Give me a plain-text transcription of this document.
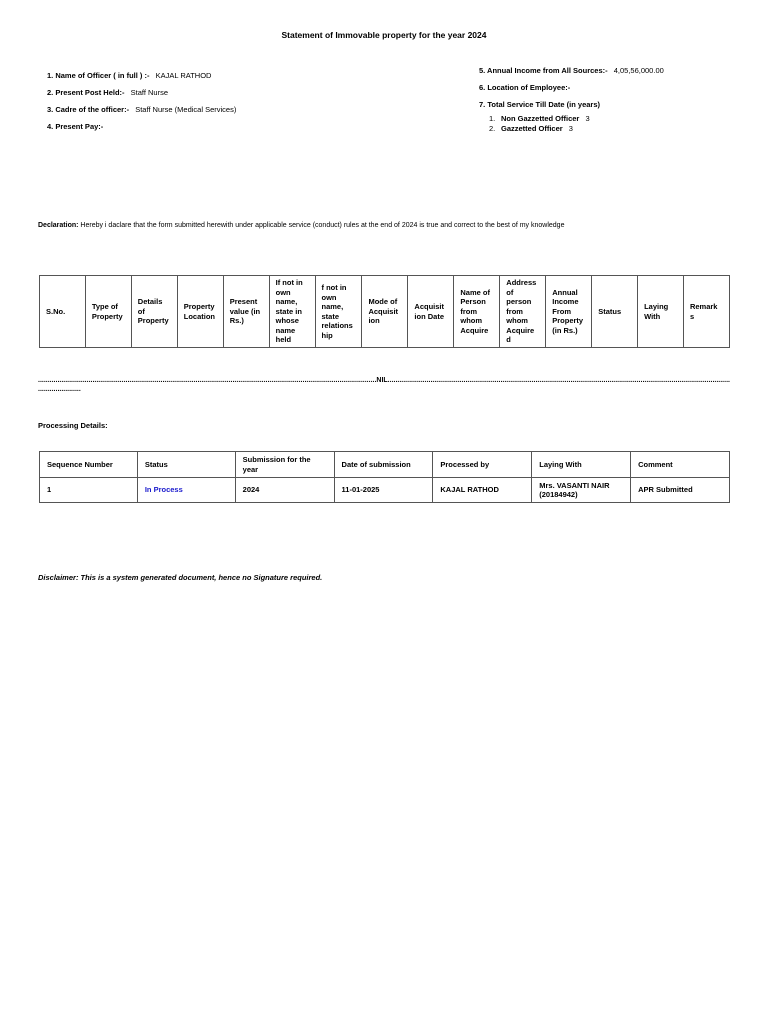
Statement of Immovable property for the year 2024
1. Name of Officer ( in full ) :- KAJAL RATHOD
2. Present Post Held:- Staff Nurse
3. Cadre of the officer:- Staff Nurse (Medical Services)
4. Present Pay:-
5. Annual Income from All Sources:- 4,05,56,000.00
6. Location of Employee:-
7. Total Service Till Date (in years)
1. Non Gazzetted Officer 3
2. Gazzetted Officer 3
Declaration: Hereby i daclare that the form submitted herewith under applicable service (conduct) rules at the end of 2024 is true and correct to the best of my knowledge
S.No.	Type of Property	Details of Property	Property Location	Present value (in Rs.)	If not in own name, state in whose name held	f not in own name, state relations hip	Mode of Acquisit ion	Acquisit ion Date	Name of Person from whom Acquire	Address of person from whom Acquire d	Annual Income From Property (in Rs.)	Status	Laying With	Remark s
..............................................................................................................................................................................NIL................................................................................................................................................................................
......................
Processing Details:
Sequence Number	Status	Submission for the year	Date of submission	Processed by	Laying With	Comment
1	In Process	2024	11-01-2025	KAJAL RATHOD	Mrs. VASANTI NAIR (20184942)	APR Submitted
Disclaimer: This is a system generated document, hence no Signature required.
